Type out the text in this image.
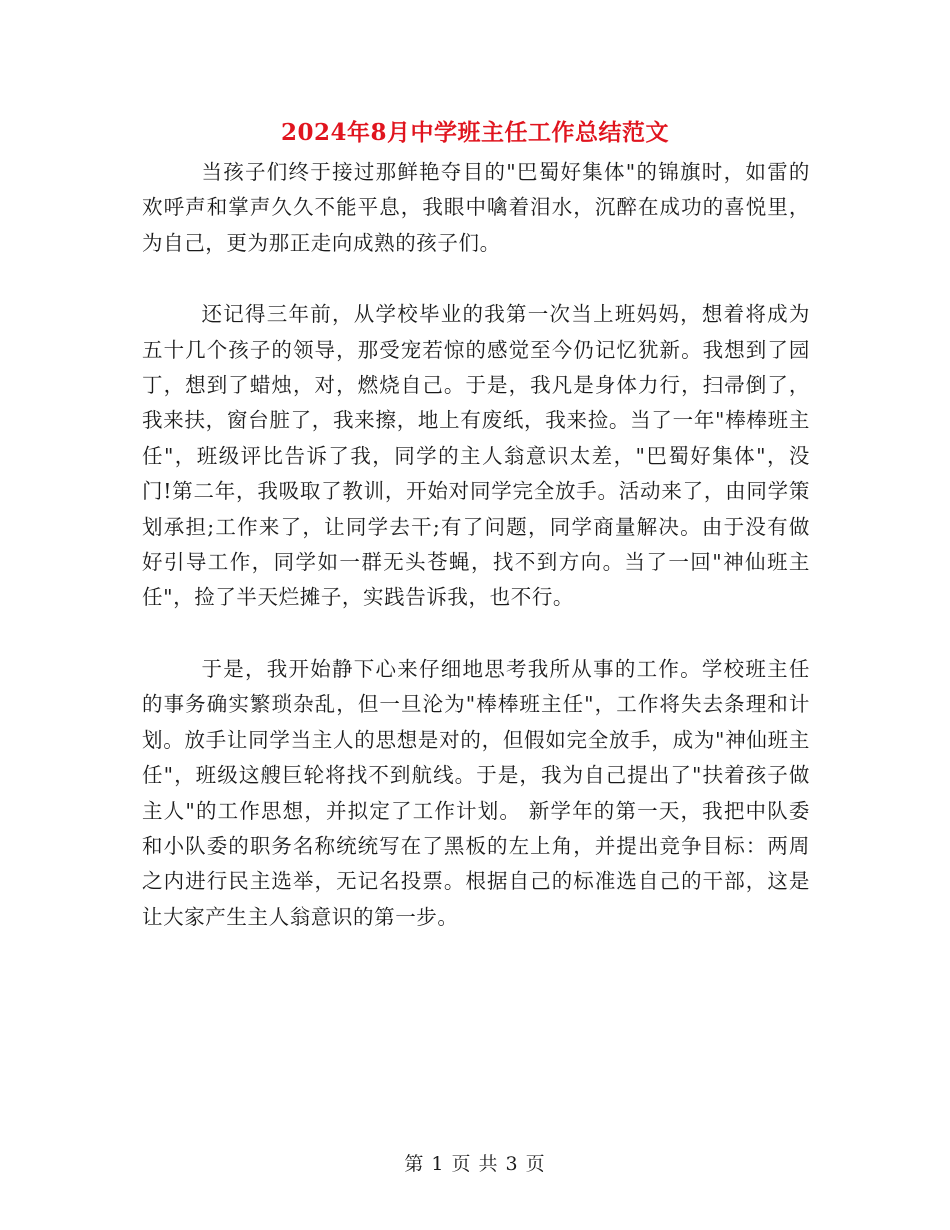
2024年8月中学班主任工作总结范文

当孩子们终于接过那鲜艳夺目的"巴蜀好集体"的锦旗时，如雷的欢呼声和掌声久久不能平息，我眼中噙着泪水，沉醉在成功的喜悦里，为自己，更为那正走向成熟的孩子们。

还记得三年前，从学校毕业的我第一次当上班妈妈，想着将成为五十几个孩子的领导，那受宠若惊的感觉至今仍记忆犹新。我想到了园丁，想到了蜡烛，对，燃烧自己。于是，我凡是身体力行，扫帚倒了，我来扶，窗台脏了，我来擦，地上有废纸，我来捡。当了一年"棒棒班主任"，班级评比告诉了我，同学的主人翁意识太差，"巴蜀好集体"，没门!第二年，我吸取了教训，开始对同学完全放手。活动来了，由同学策划承担;工作来了，让同学去干;有了问题，同学商量解决。由于没有做好引导工作，同学如一群无头苍蝇，找不到方向。当了一回"神仙班主任"，捡了半天烂摊子，实践告诉我，也不行。

于是，我开始静下心来仔细地思考我所从事的工作。学校班主任的事务确实繁琐杂乱，但一旦沦为"棒棒班主任"，工作将失去条理和计划。放手让同学当主人的思想是对的，但假如完全放手，成为"神仙班主任"，班级这艘巨轮将找不到航线。于是，我为自己提出了"扶着孩子做主人"的工作思想，并拟定了工作计划。 新学年的第一天，我把中队委和小队委的职务名称统统写在了黑板的左上角，并提出竞争目标：两周之内进行民主选举，无记名投票。根据自己的标准选自己的干部，这是让大家产生主人翁意识的第一步。

第 1 页 共 3 页
